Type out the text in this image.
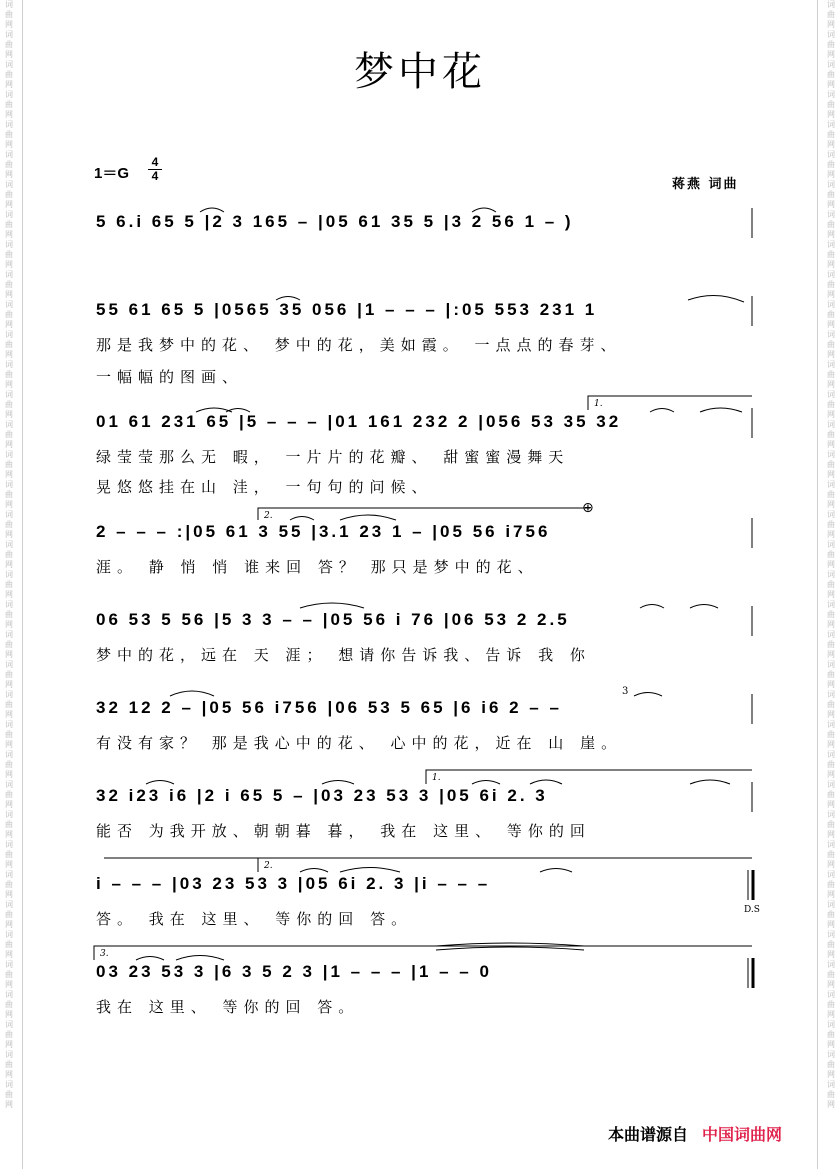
词曲网词曲网词曲网词曲网词曲网词曲网词曲网词曲网词曲网词曲网词曲网词曲网词曲网词曲网词曲网词曲网词曲网词曲网词曲网词曲网词曲网词曲网词曲网词曲网词曲网词曲网词曲网词曲网词曲网词曲网词曲网词曲网词曲网词曲网词曲网词曲网词曲网
词曲网词曲网词曲网词曲网词曲网词曲网词曲网词曲网词曲网词曲网词曲网词曲网词曲网词曲网词曲网词曲网词曲网词曲网词曲网词曲网词曲网词曲网词曲网词曲网词曲网词曲网词曲网词曲网词曲网词曲网词曲网词曲网词曲网词曲网词曲网词曲网词曲网
梦中花
1＝G
4
4
蒋燕 词曲
5 6.i 65 5 |2 3 165 – |05 61 35 5 |3 2 56 1 – )
55 61 65 5 |0565 35 056 |1 – – – |:05 553 231 1
那是我梦中的花、 梦中的花，美如霞。 一点点的春芽、
一幅幅的图画、
01 61 231 65 |5 – – – |01 161 232 2 |056 53 35 32
绿莹莹那么无 暇， 一片片的花瓣、 甜蜜蜜漫舞天
晃悠悠挂在山 洼， 一句句的问候、
2 – – – :|05 61 3 55 |3.1 23 1 – |05 56 i756
涯。 静 悄 悄 谁来回 答？ 那只是梦中的花、
06 53 5 56 |5 3 3 – – |05 56 i 76 |06 53 2 2.5
梦中的花，远在 天 涯； 想请你告诉我、告诉 我 你
32 12 2 – |05 56 i756 |06 53 5 65 |6 i6 2 – –
有没有家？ 那是我心中的花、 心中的花，近在 山 崖。
32 i23 i6 |2 i 65 5 – |03 23 53 3 |05 6i 2. 3
能否 为我开放、朝朝暮 暮， 我在 这里、 等你的回
i – – – |03 23 53 3 |05 6i 2. 3 |i – – –
答。 我在 这里、 等你的回 答。
03 23 53 3 |6 3 5 2 3 |1 – – – |1 – – 0
我在 这里、 等你的回 答。
1.
2.
1.
2.
3.
3
D.S
⊕
本曲谱源自 中国词曲网
